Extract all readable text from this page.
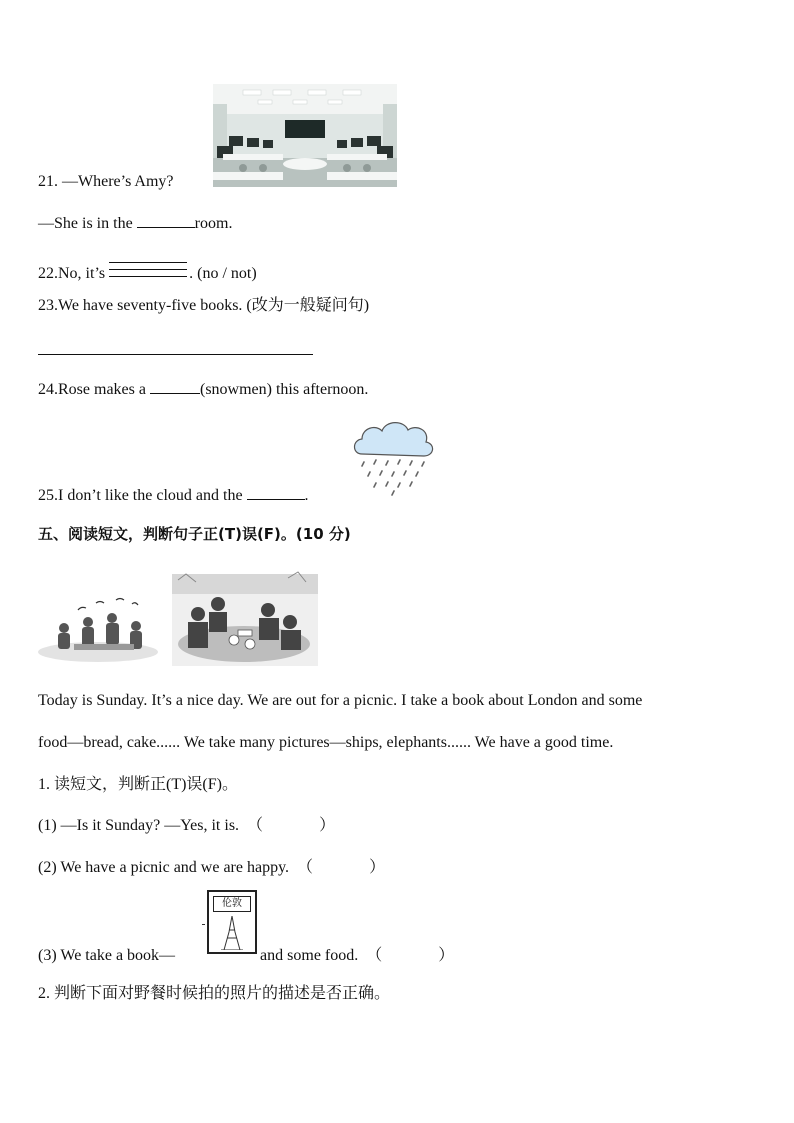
21. —Where’s Amy?
—She is in the	room.
22.No, it’s	. (no / not)
23.We have seventy-five books. (改为一般疑问句)
24.Rose makes a	(snowmen) this afternoon.
25.I don’t like the cloud and the	.
五、阅读短文，判断句子正(T)误(F)。(10 分)
Today is Sunday. It’s a nice day. We are out for a picnic. I take a book about London and some
food—bread, cake...... We take many pictures—ships, elephants...... We have a good time.
1. 读短文，判断正(T)误(F)。
(1) —Is it Sunday? —Yes, it is. （	）
(2) We have a picnic and we are happy. （	）
伦敦
(3) We take a book—	and some food. （	）
2. 判断下面对野餐时候拍的照片的描述是否正确。
